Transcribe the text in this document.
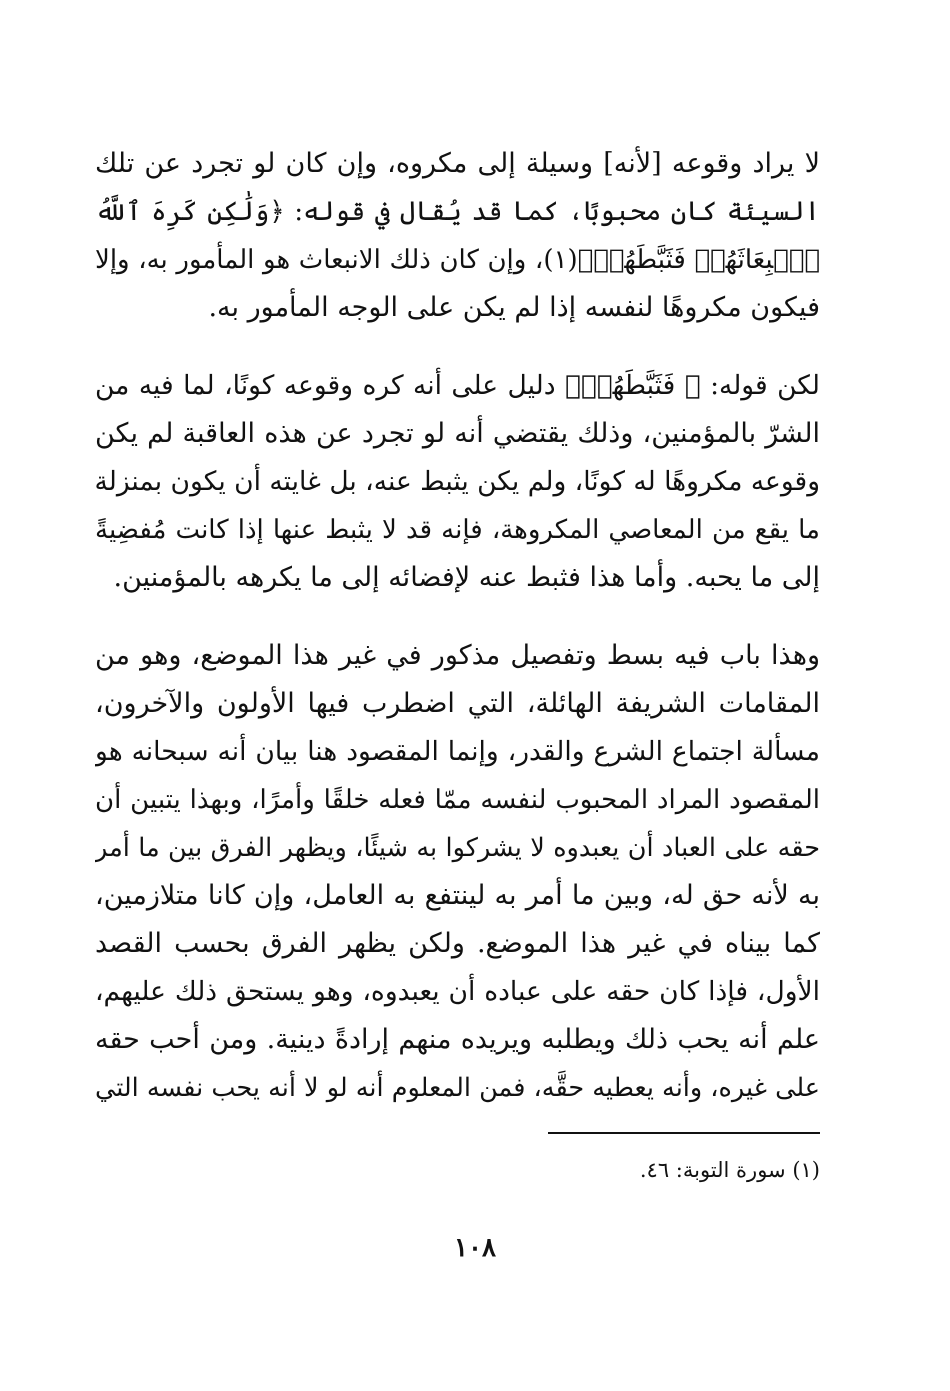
لا يراد وقوعه [لأنه] وسيلة إلى مكروه، وإن كان لو تجرد عن تلك
السيئة كان محبوبًا، كما قد يُقال في قوله: ﴿وَلَٰكِن كَرِهَ ٱللَّهُ
ٱنۢبِعَاثَهُمۡ فَثَبَّطَهُمۡ﴾(١)، وإن كان ذلك الانبعاث هو المأمور به، وإلا
فيكون مكروهًا لنفسه إذا لم يكن على الوجه المأمور به.
لكن قوله: ﴿ فَثَبَّطَهُمۡ﴾ دليل على أنه كره وقوعه كونًا، لما فيه من
الشرّ بالمؤمنين، وذلك يقتضي أنه لو تجرد عن هذه العاقبة لم يكن
وقوعه مكروهًا له كونًا، ولم يكن يثبط عنه، بل غايته أن يكون بمنزلة
ما يقع من المعاصي المكروهة، فإنه قد لا يثبط عنها إذا كانت مُفضِيةً
إلى ما يحبه. وأما هذا فثبط عنه لإفضائه إلى ما يكرهه بالمؤمنين.
وهذا باب فيه بسط وتفصيل مذكور في غير هذا الموضع، وهو من
المقامات الشريفة الهائلة، التي اضطرب فيها الأولون والآخرون،
مسألة اجتماع الشرع والقدر، وإنما المقصود هنا بيان أنه سبحانه هو
المقصود المراد المحبوب لنفسه ممّا فعله خلقًا وأمرًا، وبهذا يتبين أن
حقه على العباد أن يعبدوه لا يشركوا به شيئًا، ويظهر الفرق بين ما أمر
به لأنه حق له، وبين ما أمر به لينتفع به العامل، وإن كانا متلازمين،
كما بيناه في غير هذا الموضع. ولكن يظهر الفرق بحسب القصد
الأول، فإذا كان حقه على عباده أن يعبدوه، وهو يستحق ذلك عليهم،
علم أنه يحب ذلك ويطلبه ويريده منهم إرادةً دينية. ومن أحب حقه
على غيره، وأنه يعطيه حقَّه، فمن المعلوم أنه لو لا أنه يحب نفسه التي
(١) سورة التوبة: ٤٦.
١٠٨
